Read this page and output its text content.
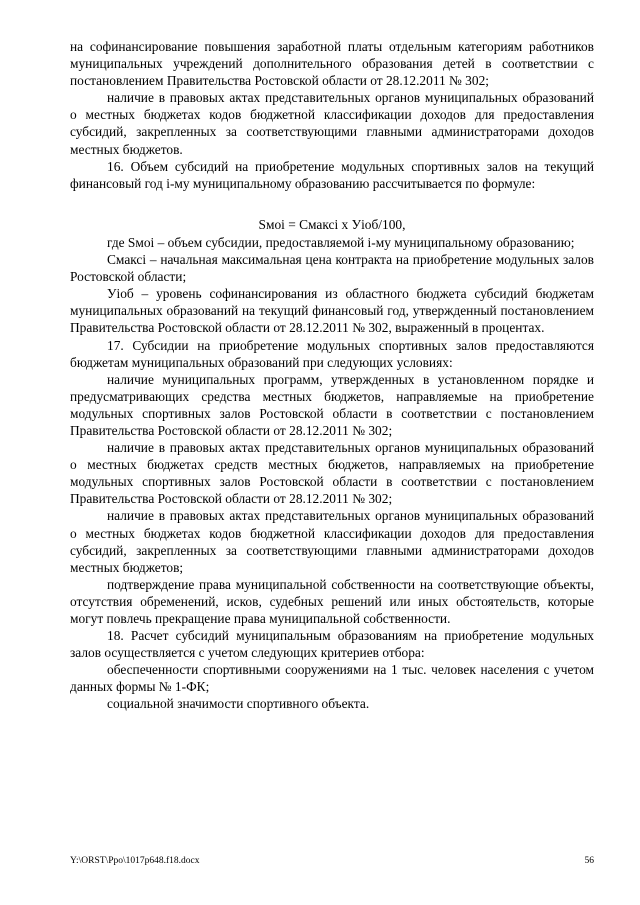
на софинансирование повышения заработной платы отдельным категориям работников муниципальных учреждений дополнительного образования детей в соответствии с постановлением Правительства Ростовской области от 28.12.2011 № 302;

наличие в правовых актах представительных органов муниципальных образований о местных бюджетах кодов бюджетной классификации доходов для предоставления субсидий, закрепленных за соответствующими главными администраторами доходов местных бюджетов.

16. Объем субсидий на приобретение модульных спортивных залов на текущий финансовый год i-му муниципальному образованию рассчитывается по формуле:

Sмоi = Смаксi x Уioб/100,

где Sмоi – объем субсидии, предоставляемой i-му муниципальному образованию;

Смаксi – начальная максимальная цена контракта на приобретение модульных залов Ростовской области;

Уioб – уровень софинансирования из областного бюджета субсидий бюджетам муниципальных образований на текущий финансовый год, утвержденный постановлением Правительства Ростовской области от 28.12.2011 № 302, выраженный в процентах.

17. Субсидии на приобретение модульных спортивных залов предоставляются бюджетам муниципальных образований при следующих условиях:

наличие муниципальных программ, утвержденных в установленном порядке и предусматривающих средства местных бюджетов, направляемые на приобретение модульных спортивных залов Ростовской области в соответствии с постановлением Правительства Ростовской области от 28.12.2011 № 302;

наличие в правовых актах представительных органов муниципальных образований о местных бюджетах средств местных бюджетов, направляемых на приобретение модульных спортивных залов Ростовской области в соответствии с постановлением Правительства Ростовской области от 28.12.2011 № 302;

наличие в правовых актах представительных органов муниципальных образований о местных бюджетах кодов бюджетной классификации доходов для предоставления субсидий, закрепленных за соответствующими главными администраторами доходов местных бюджетов;

подтверждение права муниципальной собственности на соответствующие объекты, отсутствия обременений, исков, судебных решений или иных обстоятельств, которые могут повлечь прекращение права муниципальной собственности.

18. Расчет субсидий муниципальным образованиям на приобретение модульных залов осуществляется с учетом следующих критериев отбора:

обеспеченности спортивными сооружениями на 1 тыс. человек населения с учетом данных формы № 1-ФК;

социальной значимости спортивного объекта.

Y:\ORST\Ppo\1017p648.f18.docx	56
